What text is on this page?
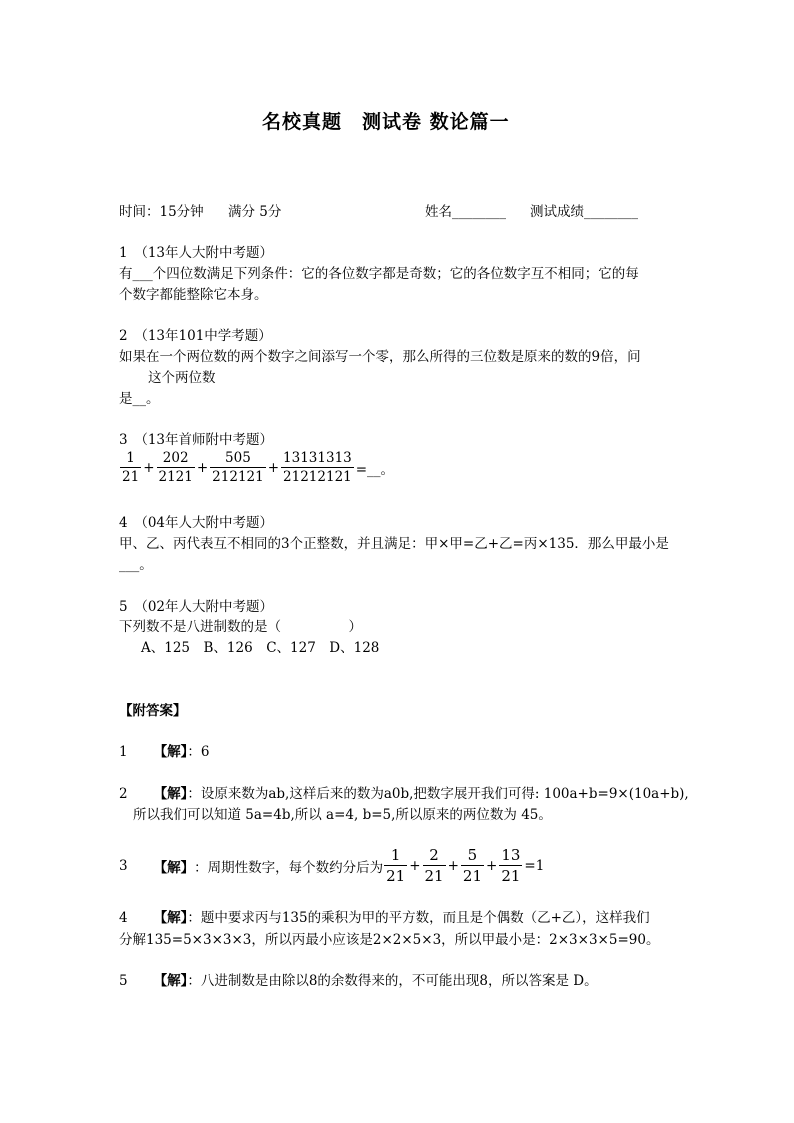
名校真题　测试卷 数论篇一
时间：15分钟 满分 5分	姓名________ 测试成绩________
1　（13年人大附中考题）
有___个四位数满足下列条件：它的各位数字都是奇数；它的各位数字互不相同；它的每
个数字都能整除它本身。
2　（13年101中学考题）
如果在一个两位数的两个数字之间添写一个零，那么所得的三位数是原来的数的9倍，问
这个两位数
是__。
3　（13年首师附中考题）
$\frac{1}{21} + \frac{202}{2121} + \frac{505}{212121} + \frac{13131313}{21212121}$ =__。
4　（04年人大附中考题）
甲、乙、丙代表互不相同的3个正整数，并且满足：甲×甲=乙+乙=丙×135．那么甲最小是
___。
5　（02年人大附中考题）
下列数不是八进制数的是（　　　　　）
A、125　B、126　C、127　D、128
【附答案】
1 【解】：6
2 【解】：设原来数为ab,这样后来的数为a0b,把数字展开我们可得: 100a+b=9×(10a+b),
所以我们可以知道 5a=4b,所以 a=4, b=5,所以原来的两位数为 45。
3 【解】 ：周期性数字，每个数约分后为 $\frac{1}{21} + \frac{2}{21} + \frac{5}{21} + \frac{13}{21} =1$
4 【解】：题中要求丙与135的乘积为甲的平方数，而且是个偶数（乙+乙），这样我们
分解135=5×3×3×3，所以丙最小应该是2×2×5×3，所以甲最小是：2×3×3×5=90。
5 【解】：八进制数是由除以8的余数得来的，不可能出现8，所以答案是 D。
